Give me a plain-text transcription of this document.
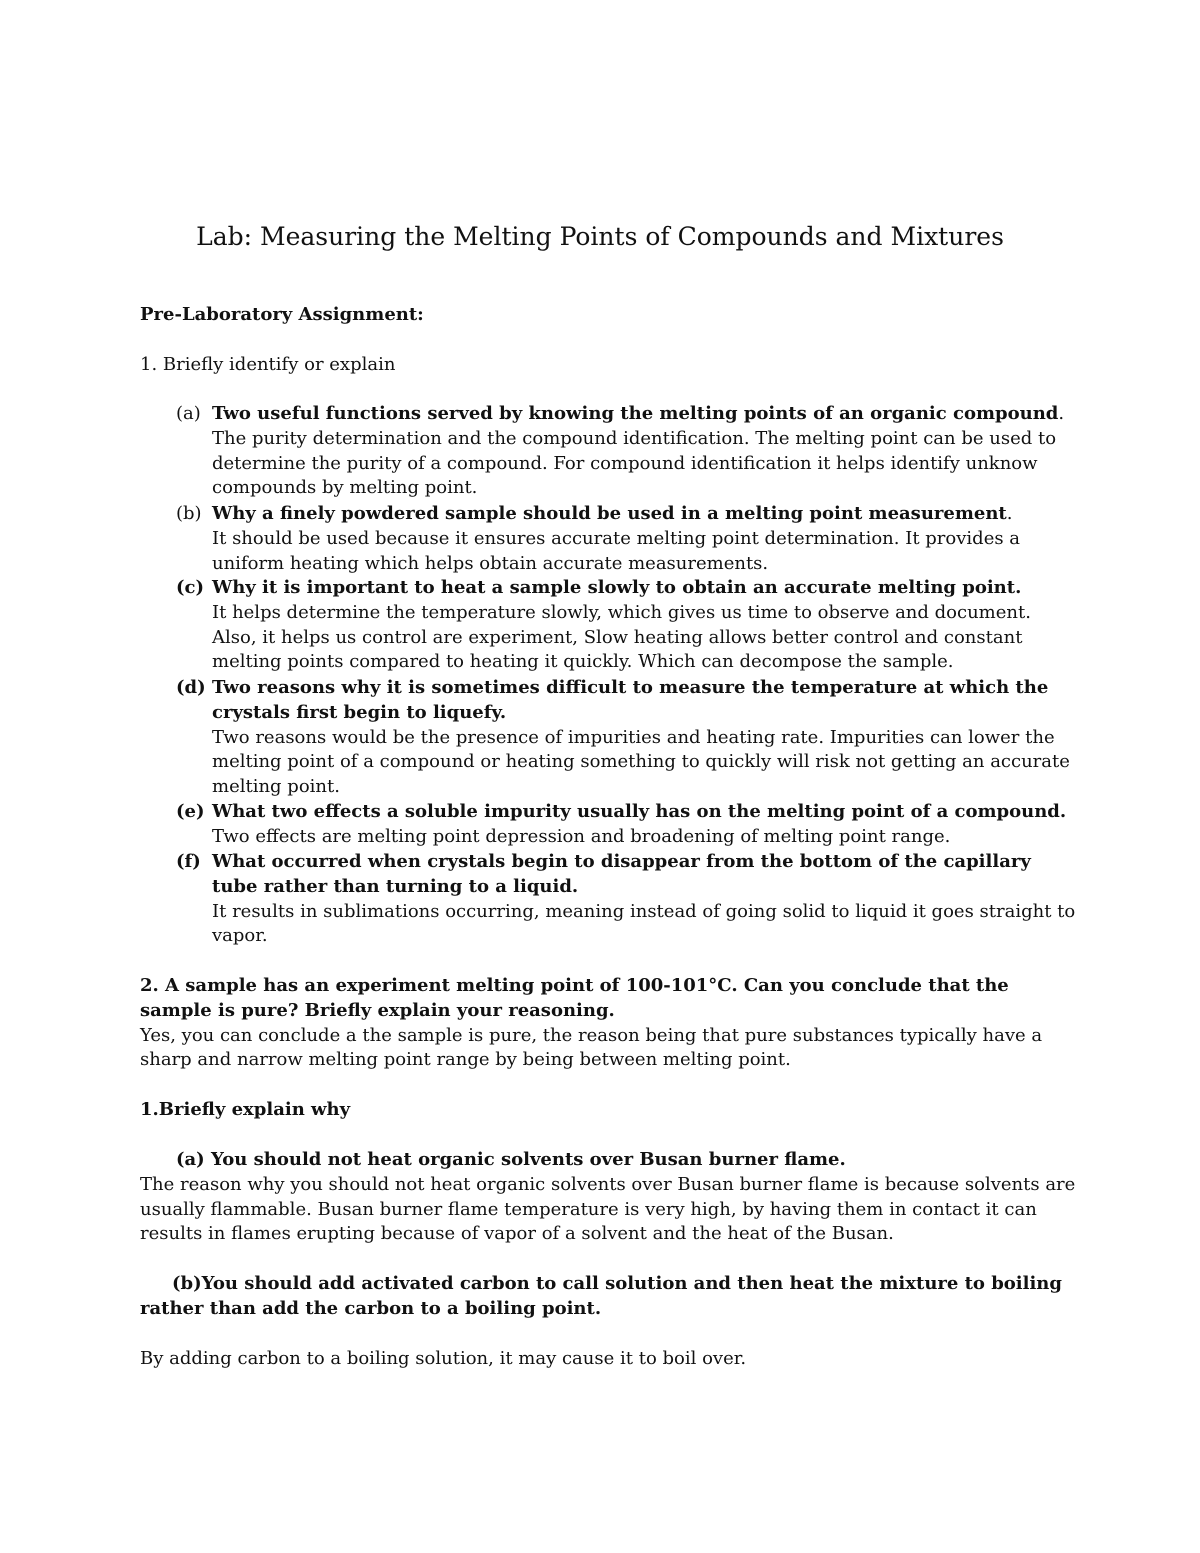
Lab: Measuring the Melting Points of Compounds and Mixtures
Pre-Laboratory Assignment:
1. Briefly identify or explain
(a) Two useful functions served by knowing the melting points of an organic compound.

The purity determination and the compound identification. The melting point can be used to determine the purity of a compound. For compound identification it helps identify unknow compounds by melting point.

(b) Why a finely powdered sample should be used in a melting point measurement.

It should be used because it ensures accurate melting point determination. It provides a uniform heating which helps obtain accurate measurements.

(c) Why it is important to heat a sample slowly to obtain an accurate melting point.

It helps determine the temperature slowly, which gives us time to observe and document. Also, it helps us control are experiment, Slow heating allows better control and constant melting points compared to heating it quickly. Which can decompose the sample.

(d) Two reasons why it is sometimes difficult to measure the temperature at which the crystals first begin to liquefy.

Two reasons would be the presence of impurities and heating rate. Impurities can lower the melting point of a compound or heating something to quickly will risk not getting an accurate melting point.

(e) What two effects a soluble impurity usually has on the melting point of a compound.

Two effects are melting point depression and broadening of melting point range.

(f) What occurred when crystals begin to disappear from the bottom of the capillary tube rather than turning to a liquid.

It results in sublimations occurring, meaning instead of going solid to liquid it goes straight to vapor.

2. A sample has an experiment melting point of 100-101°C. Can you conclude that the sample is pure? Briefly explain your reasoning.

Yes, you can conclude a the sample is pure, the reason being that pure substances typically have a sharp and narrow melting point range by being between melting point.

1.Briefly explain why

(a) You should not heat organic solvents over Busan burner flame.

The reason why you should not heat organic solvents over Busan burner flame is because solvents are usually flammable. Busan burner flame temperature is very high, by having them in contact it can results in flames erupting because of vapor of a solvent and the heat of the Busan.

(b)You should add activated carbon to call solution and then heat the mixture to boiling rather than add the carbon to a boiling point.

By adding carbon to a boiling solution, it may cause it to boil over.
